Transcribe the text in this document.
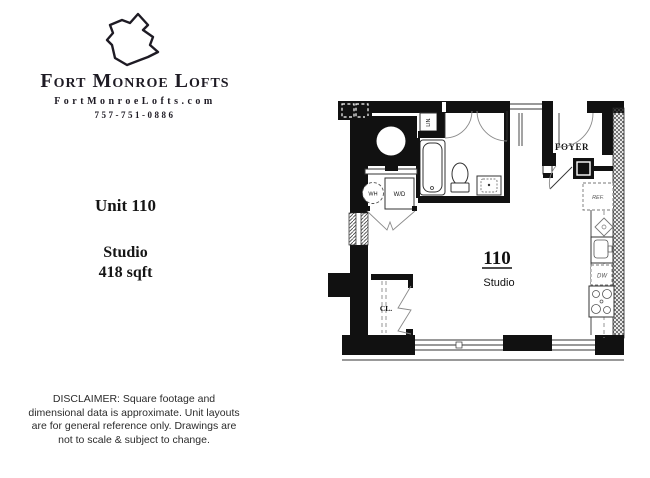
Fort Monroe Lofts
FortMonroeLofts.com
757-751-0886
Unit 110
Studio
418 sqft
DISCLAIMER: Square footage and dimensional data is approximate. Unit layouts are for general reference only. Drawings are not to scale & subject to change.
LIN.
WH	W/D
CL.
FOYER
REF.
DW
110
Studio
